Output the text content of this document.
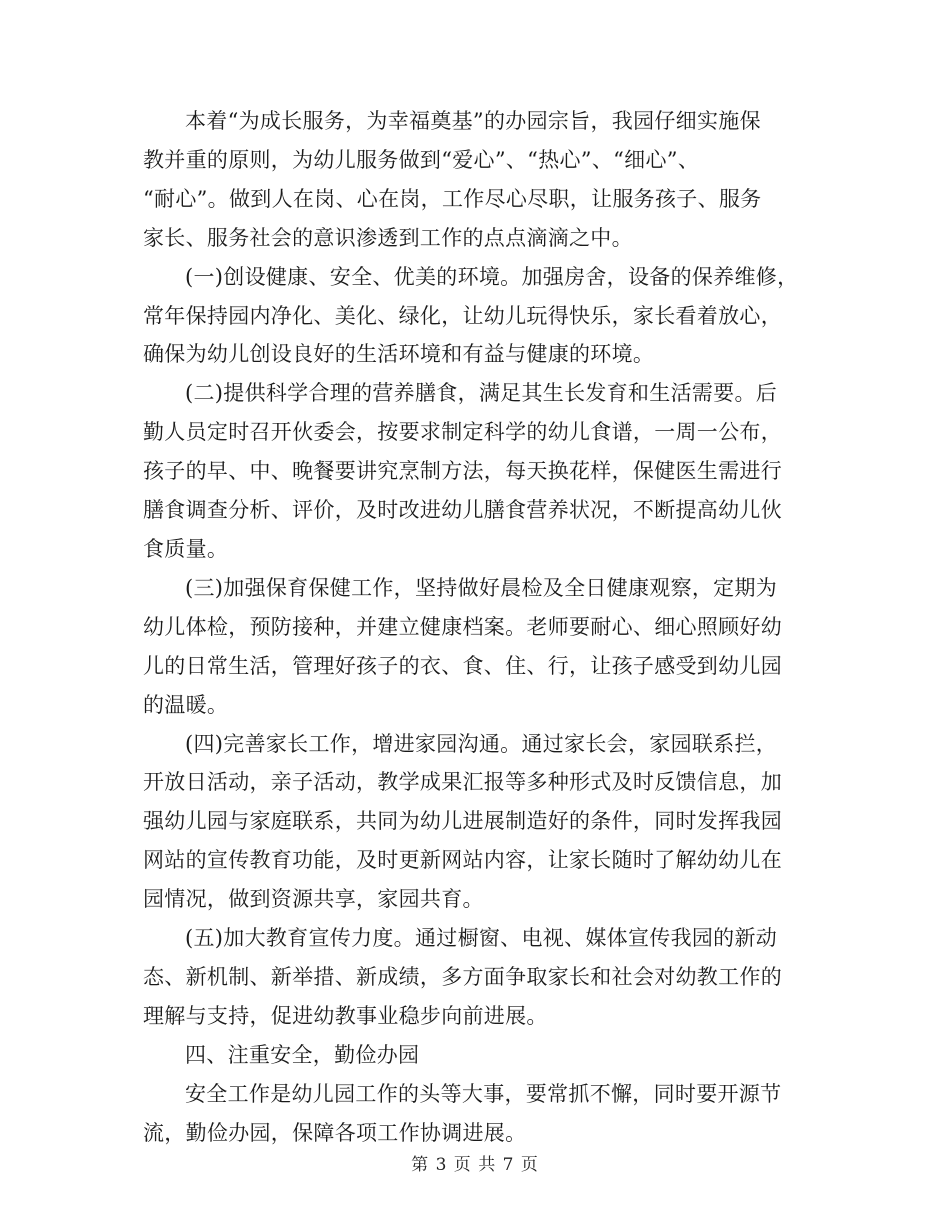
本着“为成长服务，为幸福奠基”的办园宗旨，我园仔细实施保
教并重的原则，为幼儿服务做到“爱心”、“热心”、“细心”、
“耐心”。做到人在岗、心在岗，工作尽心尽职，让服务孩子、服务
家长、服务社会的意识渗透到工作的点点滴滴之中。
(一)创设健康、安全、优美的环境。加强房舍，设备的保养维修，
常年保持园内净化、美化、绿化，让幼儿玩得快乐，家长看着放心，
确保为幼儿创设良好的生活环境和有益与健康的环境。
(二)提供科学合理的营养膳食，满足其生长发育和生活需要。后
勤人员定时召开伙委会，按要求制定科学的幼儿食谱，一周一公布，
孩子的早、中、晚餐要讲究烹制方法，每天换花样，保健医生需进行
膳食调查分析、评价，及时改进幼儿膳食营养状况，不断提高幼儿伙
食质量。
(三)加强保育保健工作，坚持做好晨检及全日健康观察，定期为
幼儿体检，预防接种，并建立健康档案。老师要耐心、细心照顾好幼
儿的日常生活，管理好孩子的衣、食、住、行，让孩子感受到幼儿园
的温暖。
(四)完善家长工作，增进家园沟通。通过家长会，家园联系拦，
开放日活动，亲子活动，教学成果汇报等多种形式及时反馈信息，加
强幼儿园与家庭联系，共同为幼儿进展制造好的条件，同时发挥我园
网站的宣传教育功能，及时更新网站内容，让家长随时了解幼幼儿在
园情况，做到资源共享，家园共育。
(五)加大教育宣传力度。通过橱窗、电视、媒体宣传我园的新动
态、新机制、新举措、新成绩，多方面争取家长和社会对幼教工作的
理解与支持，促进幼教事业稳步向前进展。
四、注重安全，勤俭办园
安全工作是幼儿园工作的头等大事，要常抓不懈，同时要开源节
流，勤俭办园，保障各项工作协调进展。
第 3 页 共 7 页
